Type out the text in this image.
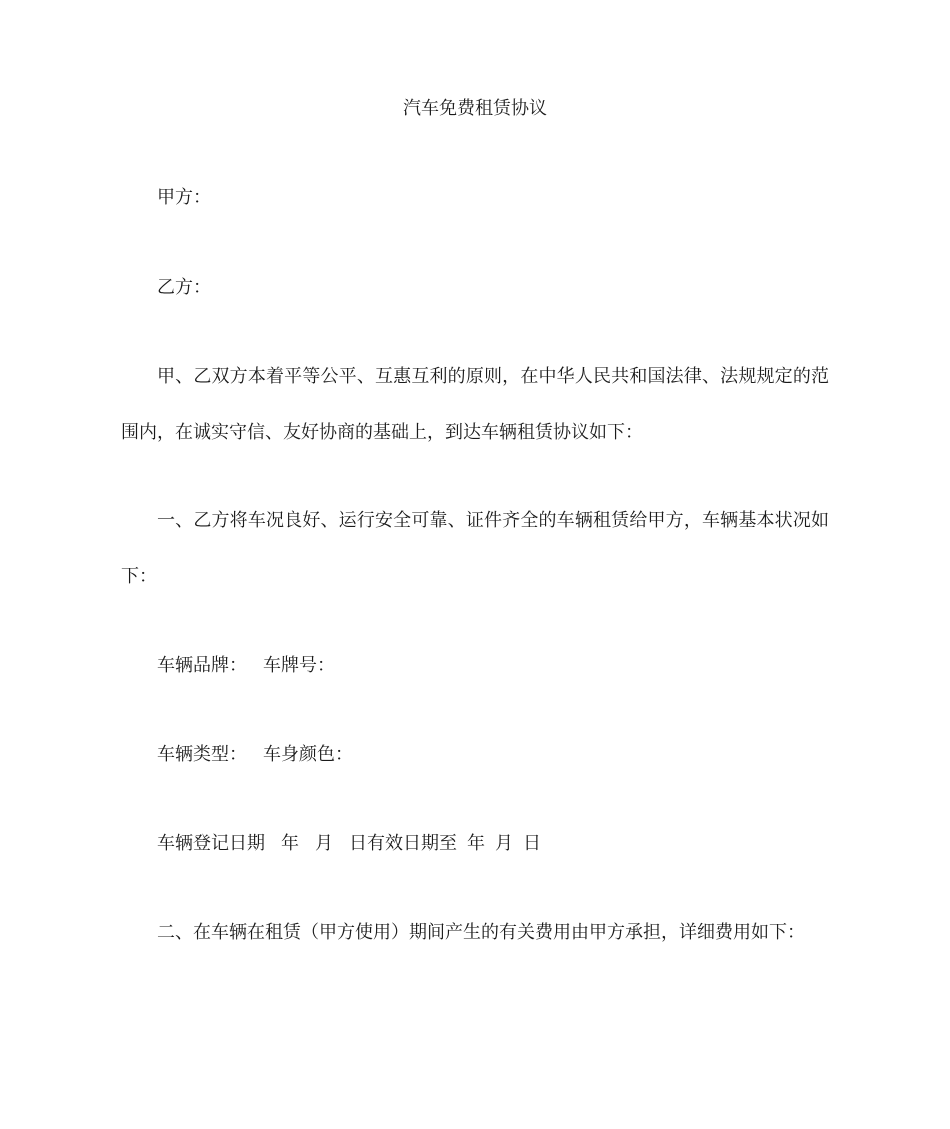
汽车免费租赁协议
甲方：
乙方：
甲、乙双方本着平等公平、互惠互利的原则，在中华人民共和国法律、法规规定的范
围内，在诚实守信、友好协商的基础上，到达车辆租赁协议如下：
一、乙方将车况良好、运行安全可靠、证件齐全的车辆租赁给甲方，车辆基本状况如
下：
车辆品牌： 车牌号：
车辆类型： 车身颜色：
车辆登记日期 年 月 日有效日期至 年 月 日
二、在车辆在租赁（甲方使用）期间产生的有关费用由甲方承担，详细费用如下：
